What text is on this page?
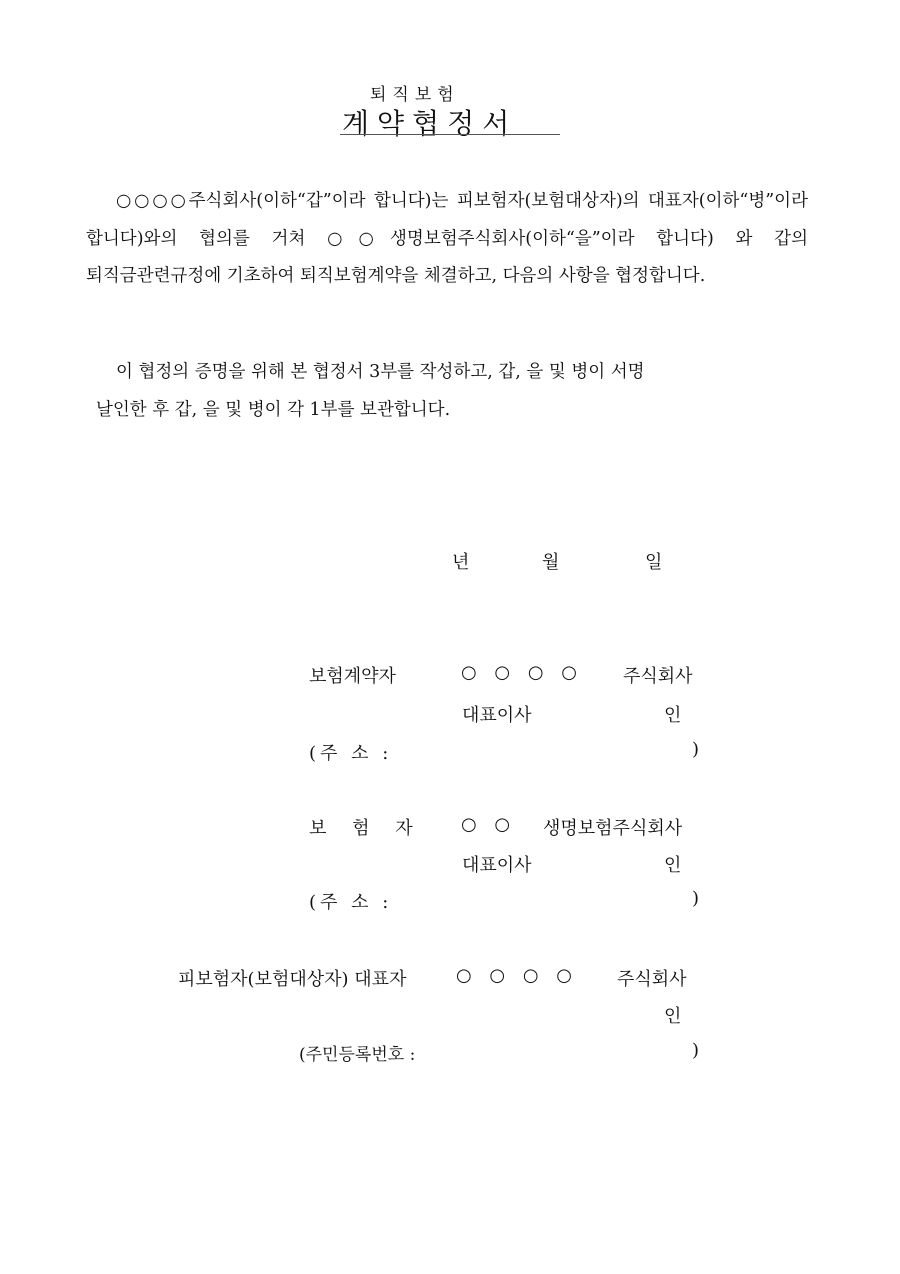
퇴직보험
계약협정서
○○○○주식회사(이하“갑”이라 합니다)는 피보험자(보험대상자)의 대표자(이하“병”이라 합니다)와의 협의를 거쳐 ○○생명보험주식회사(이하“을”이라 합니다) 와 갑의 퇴직금관련규정에 기초하여 퇴직보험계약을 체결하고, 다음의 사항을 협정합니다.
이 협정의 증명을 위해 본 협정서 3부를 작성하고, 갑, 을 및 병이 서명
날인한 후 갑, 을 및 병이 각 1부를 보관합니다.
년	월	일
보험계약자	○ ○ ○ ○ 주식회사
대표이사	인
(주 소 :	)
보 험 자 ○ ○ 생명보험주식회사
대표이사	인
(주 소 :	)
피보험자(보험대상자) 대표자	○ ○ ○ ○ 주식회사
인
(주민등록번호 :	)
